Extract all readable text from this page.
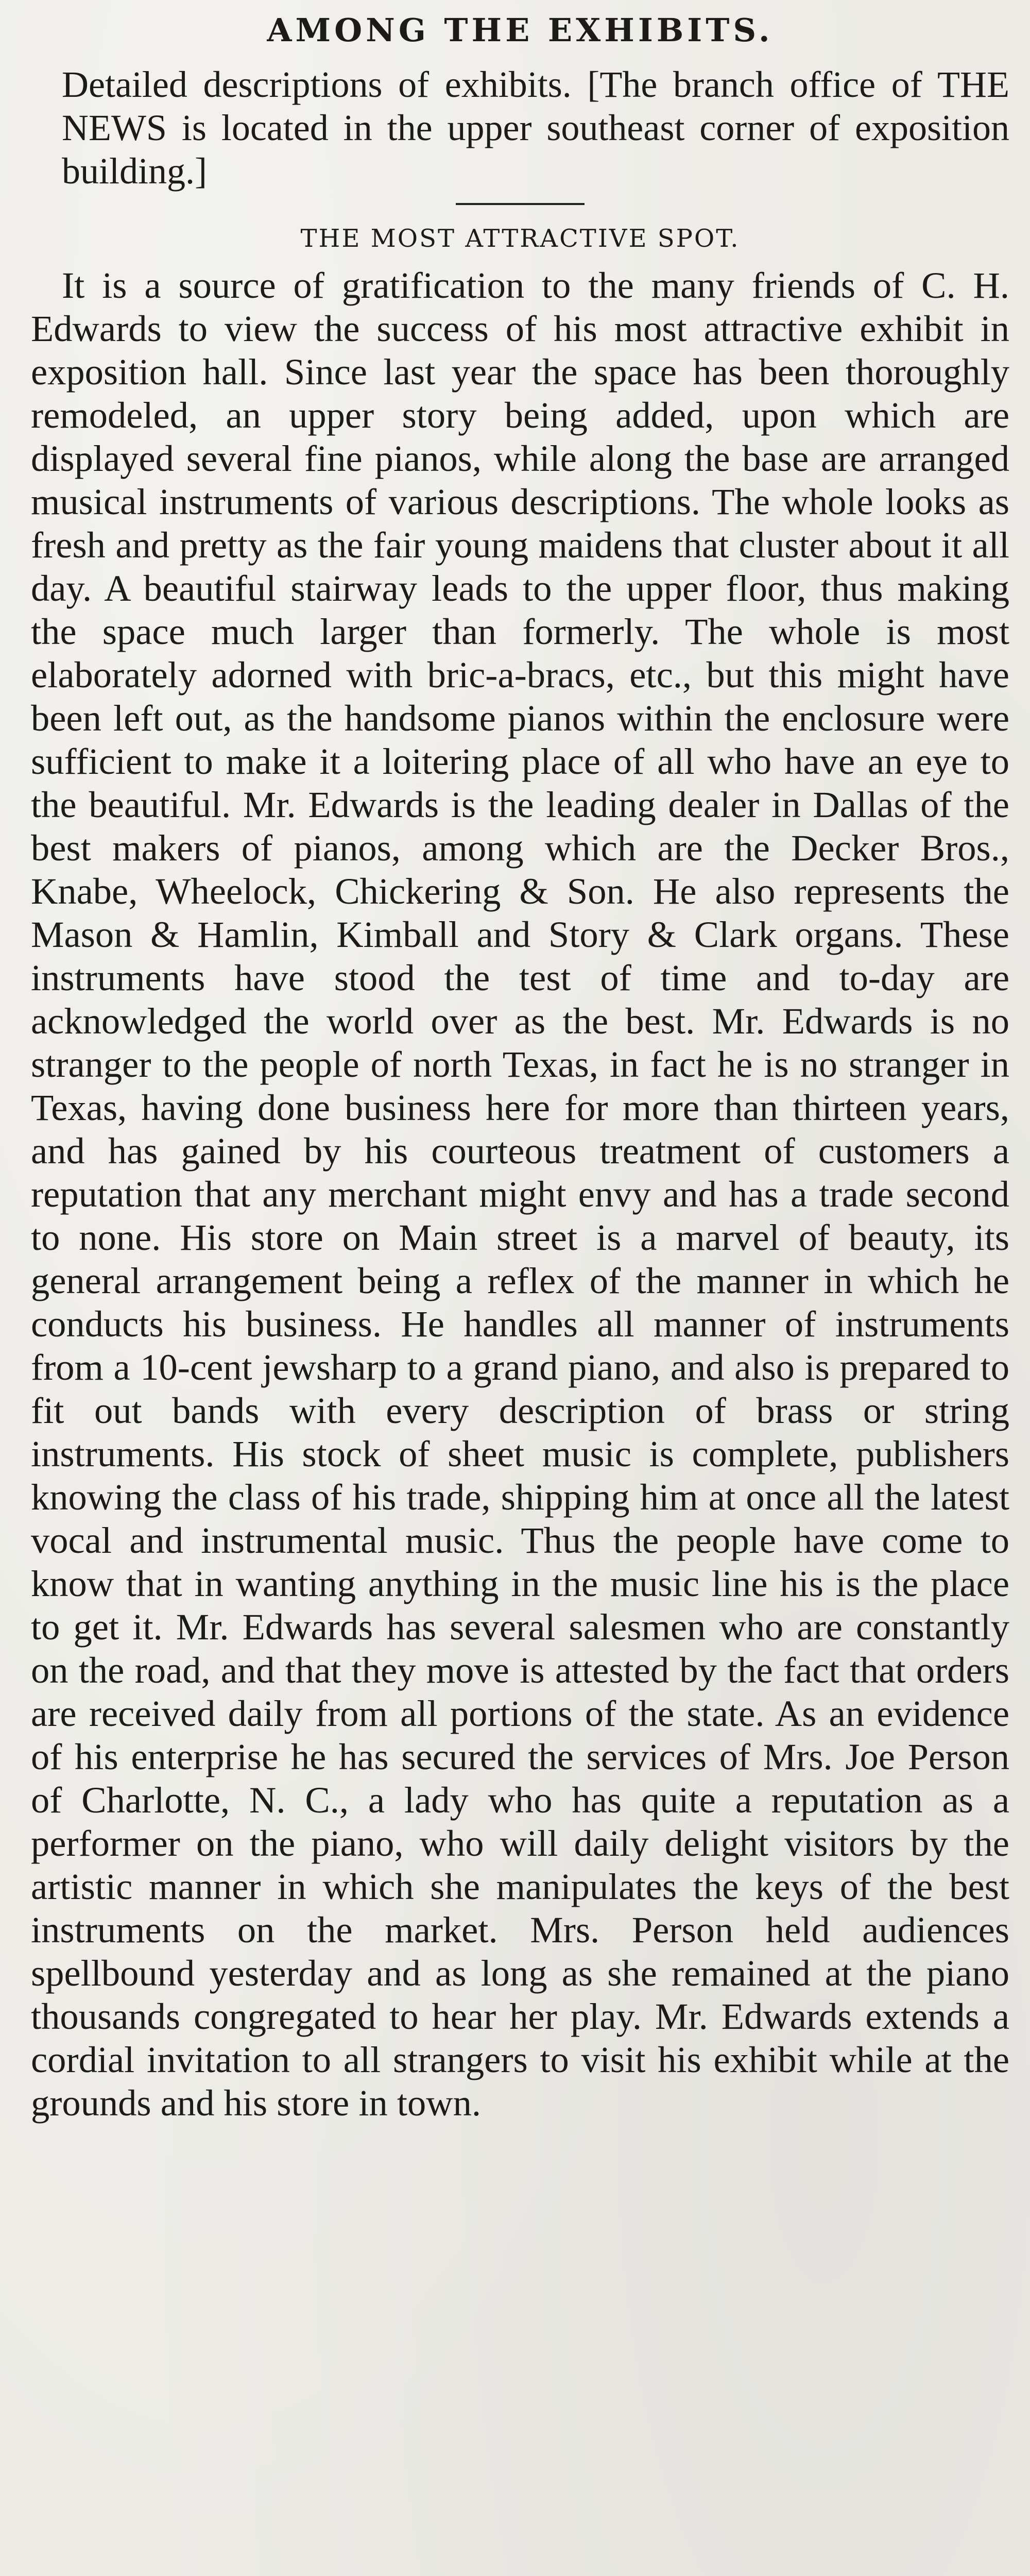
AMONG THE EXHIBITS.

Detailed descriptions of exhibits. [The branch office of THE NEWS is located in the upper southeast corner of exposition building.]

THE MOST ATTRACTIVE SPOT.

It is a source of gratification to the many friends of C. H. Edwards to view the success of his most attractive exhibit in exposition hall. Since last year the space has been thoroughly remodeled, an upper story being added, upon which are displayed several fine pianos, while along the base are arranged musical instruments of various descriptions. The whole looks as fresh and pretty as the fair young maidens that cluster about it all day. A beautiful stairway leads to the upper floor, thus making the space much larger than formerly. The whole is most elaborately adorned with bric-a-bracs, etc., but this might have been left out, as the handsome pianos within the enclosure were sufficient to make it a loitering place of all who have an eye to the beautiful. Mr. Edwards is the leading dealer in Dallas of the best makers of pianos, among which are the Decker Bros., Knabe, Wheelock, Chickering & Son. He also represents the Mason & Hamlin, Kimball and Story & Clark organs. These instruments have stood the test of time and to-day are acknowledged the world over as the best. Mr. Edwards is no stranger to the people of north Texas, in fact he is no stranger in Texas, having done business here for more than thirteen years, and has gained by his courteous treatment of customers a reputation that any merchant might envy and has a trade second to none. His store on Main street is a marvel of beauty, its general arrangement being a reflex of the manner in which he conducts his business. He handles all manner of instruments from a 10-cent jewsharp to a grand piano, and also is prepared to fit out bands with every description of brass or string instruments. His stock of sheet music is complete, publishers knowing the class of his trade, shipping him at once all the latest vocal and instrumental music. Thus the people have come to know that in wanting anything in the music line his is the place to get it. Mr. Edwards has several salesmen who are constantly on the road, and that they move is attested by the fact that orders are received daily from all portions of the state. As an evidence of his enterprise he has secured the services of Mrs. Joe Person of Charlotte, N. C., a lady who has quite a reputation as a performer on the piano, who will daily delight visitors by the artistic manner in which she manipulates the keys of the best instruments on the market. Mrs. Person held audiences spellbound yesterday and as long as she remained at the piano thousands congregated to hear her play. Mr. Edwards extends a cordial invitation to all strangers to visit his exhibit while at the grounds and his store in town.
